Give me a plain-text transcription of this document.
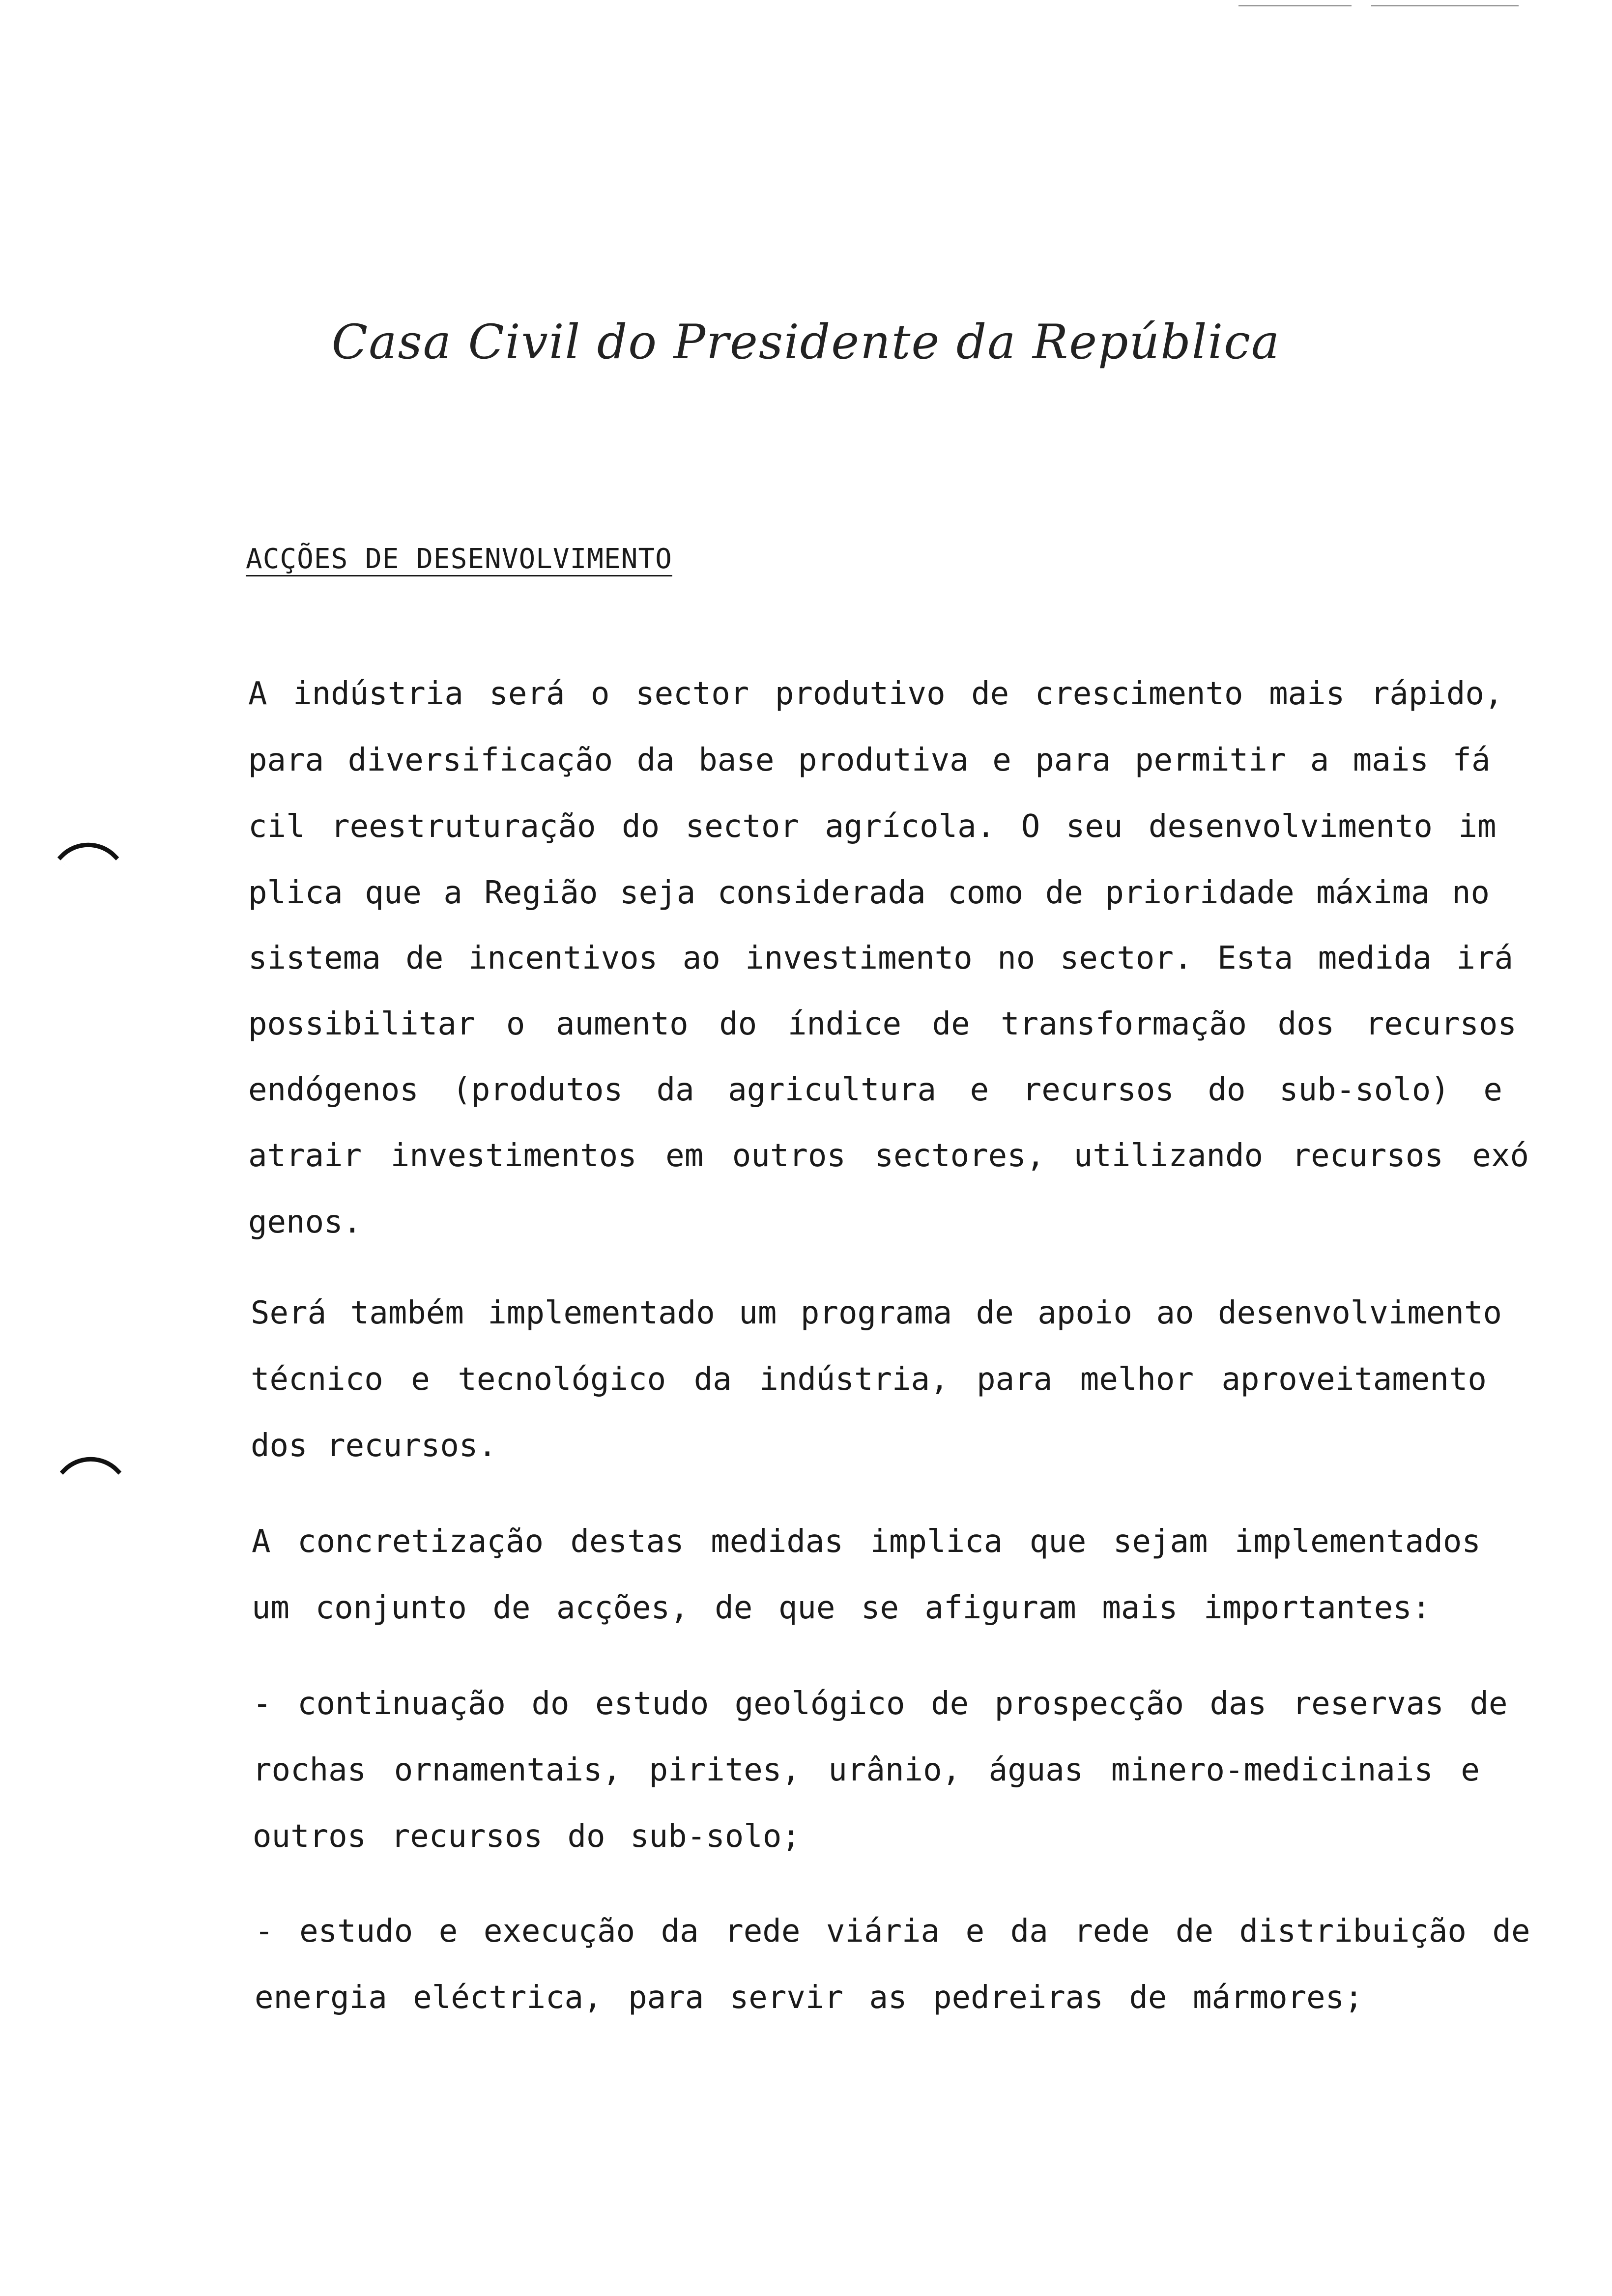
Casa Civil do Presidente da República
ACÇÕES DE DESENVOLVIMENTO
A indústria será o sector produtivo de crescimento mais rápido,
para diversificação da base produtiva e para permitir a mais fá
cil reestruturação do sector agrícola. O seu desenvolvimento im
plica que a Região seja considerada como de prioridade máxima no
sistema de incentivos ao investimento no sector. Esta medida irá
possibilitar o aumento do índice de transformação dos recursos
endógenos (produtos da agricultura e recursos do sub-solo) e
atrair investimentos em outros sectores, utilizando recursos exó
genos.
Será também implementado um programa de apoio ao desenvolvimento
técnico e tecnológico da indústria, para melhor aproveitamento
dos recursos.
A concretização destas medidas implica que sejam implementados
um conjunto de acções, de que se afiguram mais importantes:
- continuação do estudo geológico de prospecção das reservas de
rochas ornamentais, pirites, urânio, águas minero-medicinais e
outros recursos do sub-solo;
- estudo e execução da rede viária e da rede de distribuição de
energia eléctrica, para servir as pedreiras de mármores;
